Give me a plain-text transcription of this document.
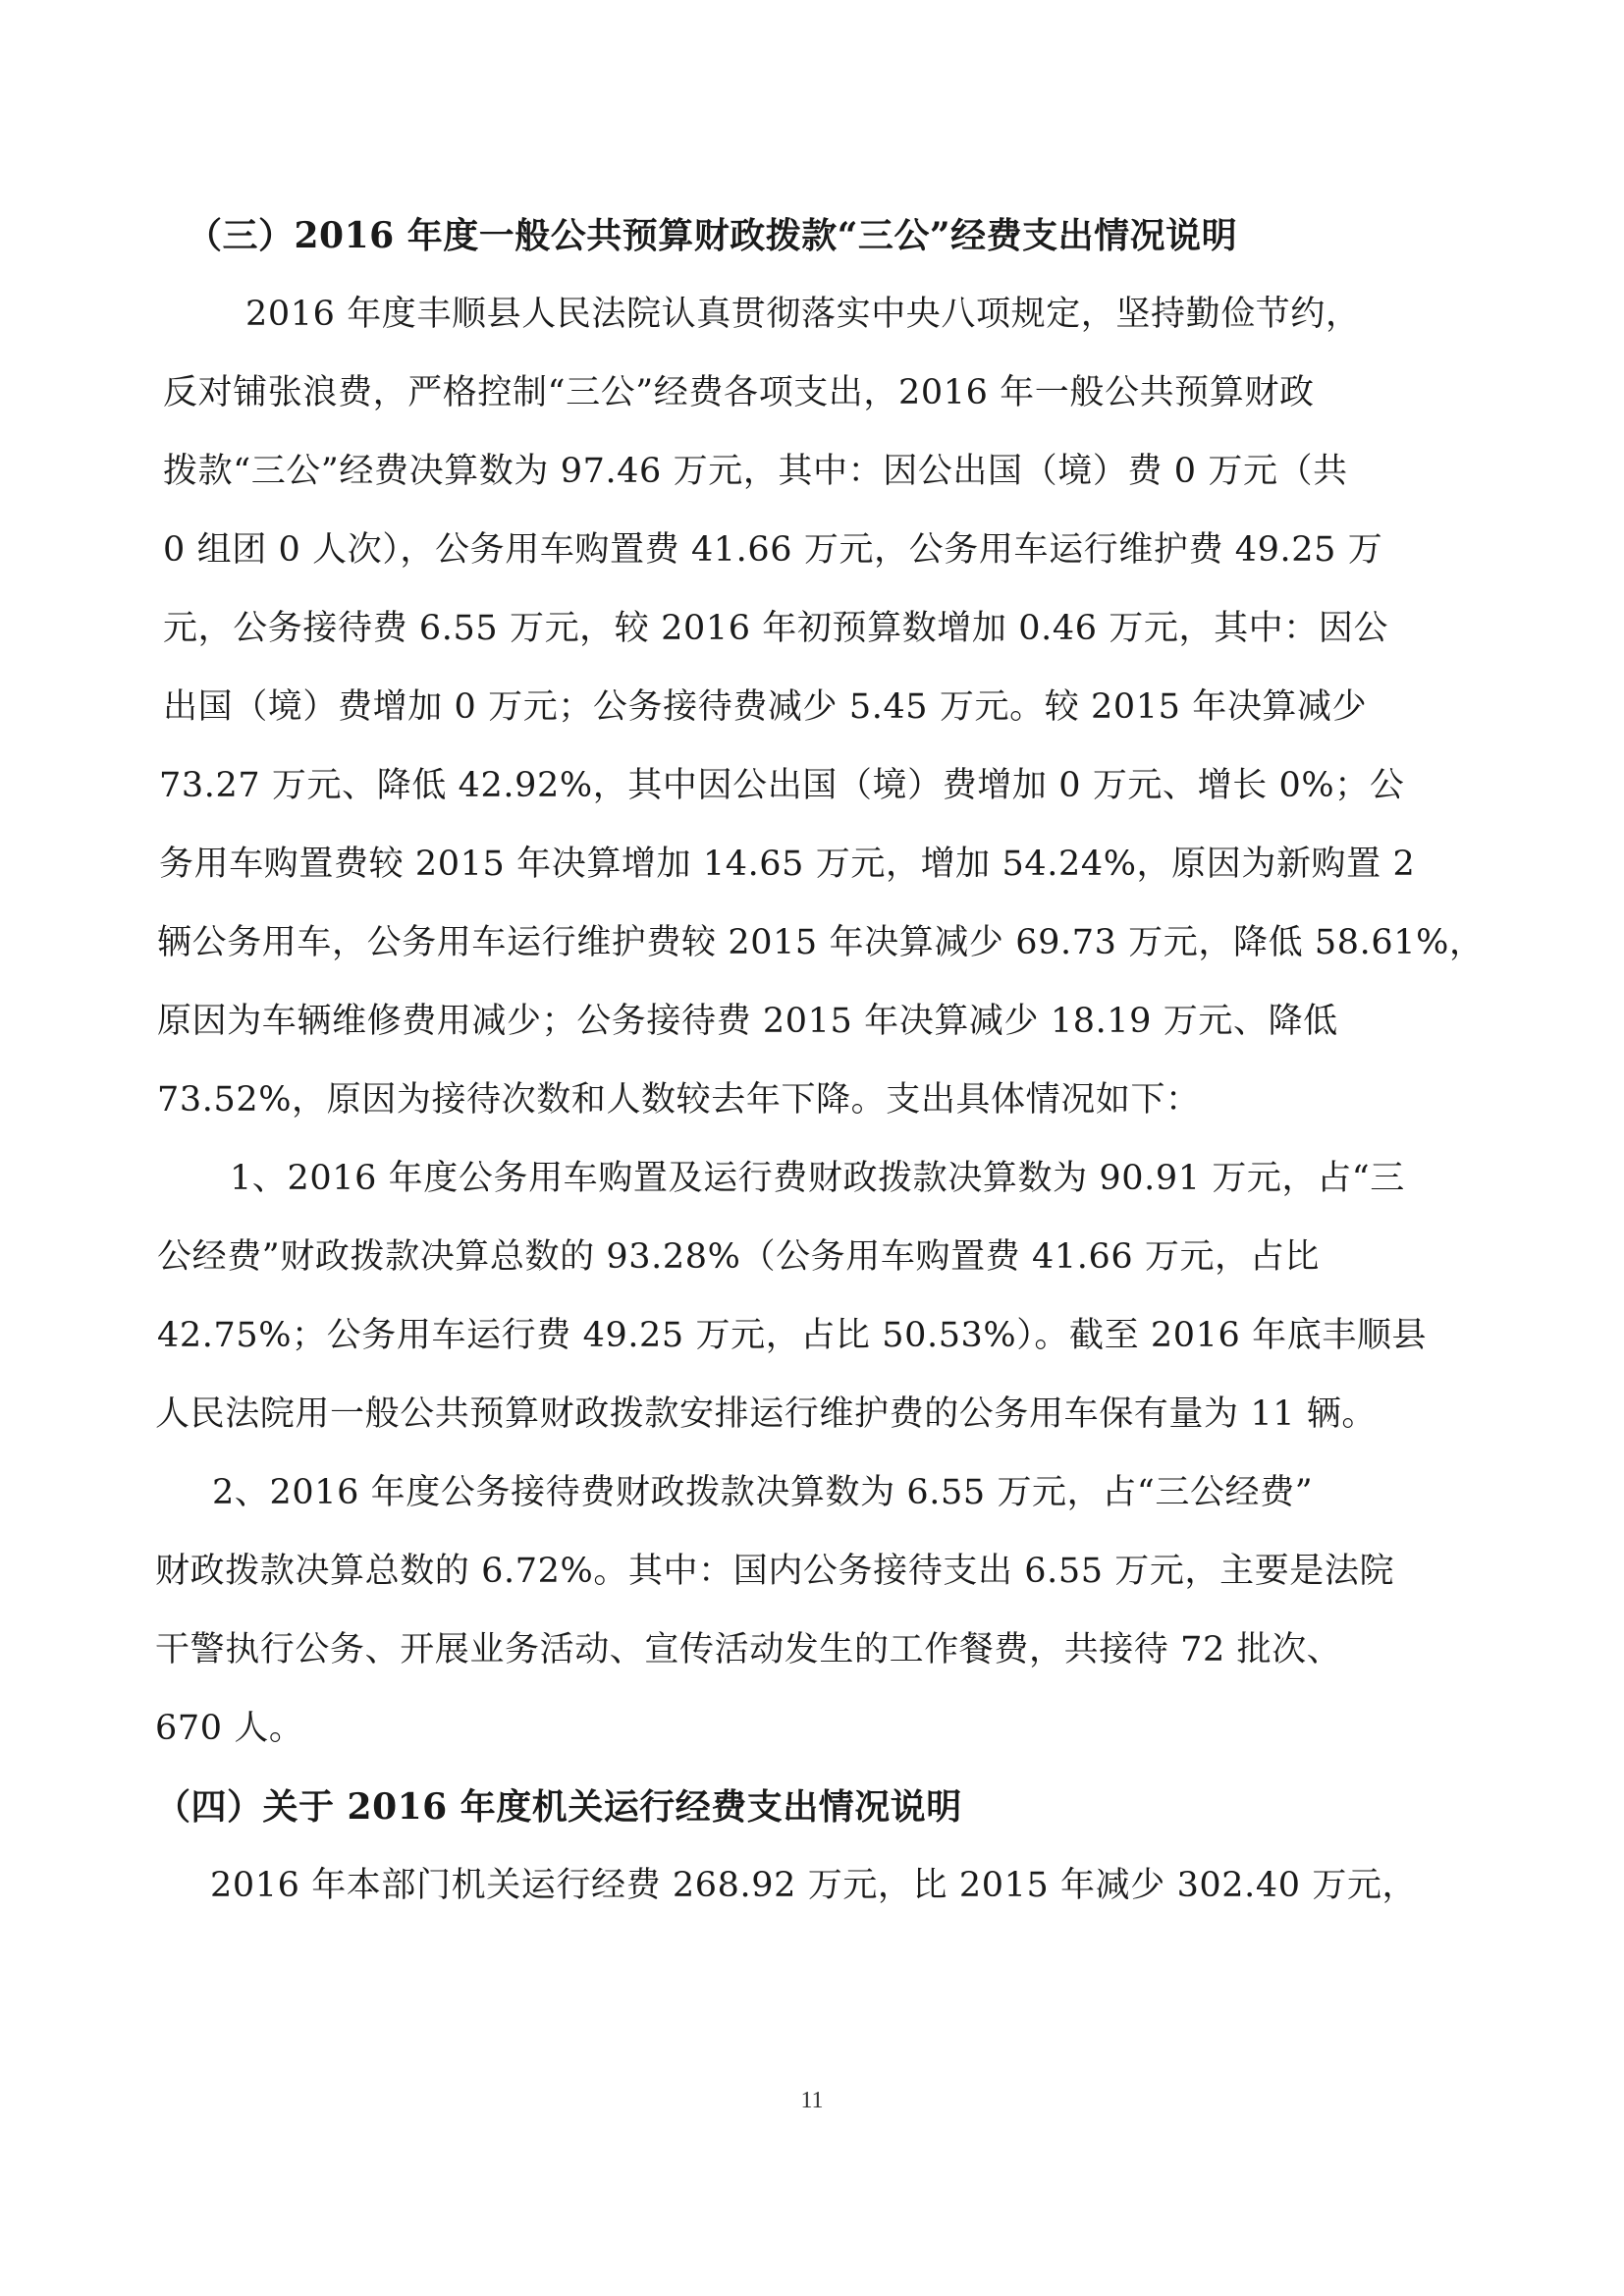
（三）2016 年度一般公共预算财政拨款“三公”经费支出情况说明
2016 年度丰顺县人民法院认真贯彻落实中央八项规定，坚持勤俭节约，
反对铺张浪费，严格控制“三公”经费各项支出，2016 年一般公共预算财政
拨款“三公”经费决算数为 97.46 万元，其中：因公出国（境）费 0 万元（共
0 组团 0 人次），公务用车购置费 41.66 万元，公务用车运行维护费 49.25 万
元，公务接待费 6.55 万元，较 2016 年初预算数增加 0.46 万元，其中：因公
出国（境）费增加 0 万元；公务接待费减少 5.45 万元。较 2015 年决算减少
73.27 万元、降低 42.92%，其中因公出国（境）费增加 0 万元、增长 0%；公
务用车购置费较 2015 年决算增加 14.65 万元，增加 54.24%，原因为新购置 2
辆公务用车，公务用车运行维护费较 2015 年决算减少 69.73 万元，降低 58.61%，
原因为车辆维修费用减少；公务接待费 2015 年决算减少 18.19 万元、降低
73.52%，原因为接待次数和人数较去年下降。支出具体情况如下：
1、2016 年度公务用车购置及运行费财政拨款决算数为 90.91 万元，占“三
公经费”财政拨款决算总数的 93.28%（公务用车购置费 41.66 万元，占比
42.75%；公务用车运行费 49.25 万元，占比 50.53%）。截至 2016 年底丰顺县
人民法院用一般公共预算财政拨款安排运行维护费的公务用车保有量为 11 辆。
2、2016 年度公务接待费财政拨款决算数为 6.55 万元，占“三公经费”
财政拨款决算总数的 6.72%。其中：国内公务接待支出 6.55 万元，主要是法院
干警执行公务、开展业务活动、宣传活动发生的工作餐费，共接待 72 批次、
670 人。
（四）关于 2016 年度机关运行经费支出情况说明
2016 年本部门机关运行经费 268.92 万元，比 2015 年减少 302.40 万元，
11
